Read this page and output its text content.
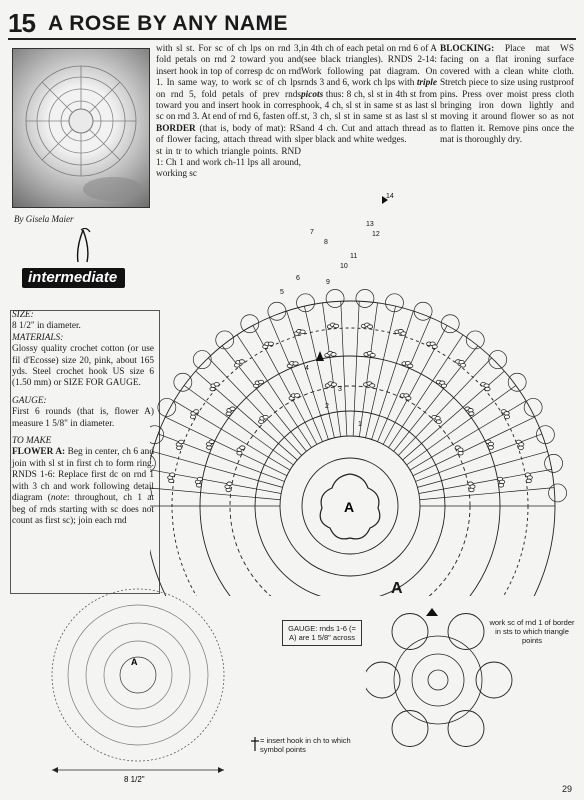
15 A ROSE BY ANY NAME
By Gisela Maier
intermediate

SIZE:

8 1/2" in diameter.

MATERIALS:

Glossy quality crochet cotton (or use fil d'Ecosse) size 20, pink, about 165 yds. Steel crochet hook US size 6 (1.50 mm) or SIZE FOR GAUGE.

GAUGE:

First 6 rounds (that is, flower A) measure 1 5/8" in diameter.

TO MAKE

FLOWER A: Beg in center, ch 6 and join with sl st in first ch to form ring. RNDS 1-6: Replace first dc on rnd 1 with 3 ch and work following detail diagram (note: throughout, ch 1 at beg of rnds starting with sc does not count as first sc); join each rnd

with sl st. For sc of ch lps on rnd 3, fold petals on rnd 2 toward you and insert hook in top of corresp dc on rnd 1. In same way, to work sc of ch lps on rnd 5, fold petals of prev rnds toward you and insert hook in corresp sc on rnd 3. At end of rnd 6, fasten off.
BORDER (that is, body of mat): RS of flower facing, attach thread with sl st in tr to which triangle points. RND 1: Ch 1 and work ch-11 lps all around, working sc

in 4th ch of each petal on rnd 6 of A (see black triangles). RNDS 2-14: Work following pat diagram. On rnds 3 and 6, work ch lps with triple picots thus: 8 ch, sl st in 4th st from hook, 4 ch, sl st in same st as last sl st, 3 ch, sl st in same st as last sl st and 4 ch. Cut and attach thread as per black and white wedges.

BLOCKING: Place mat WS facing on a flat ironing surface covered with a clean white cloth. Stretch piece to size using rustproof pins. Press over moist press cloth bringing iron down lightly and moving it around flower so as not to flatten it. Remove pins once the mat is thoroughly dry.

A
1
2
3
4
5
6
7
8
9
10
11
12
13
14
A
8 1/2"
GAUGE: rnds 1-6 (= A) are 1 5/8" across
A
work sc of rnd 1 of border in sts to which triangle points
= insert hook in ch to which symbol points
29
